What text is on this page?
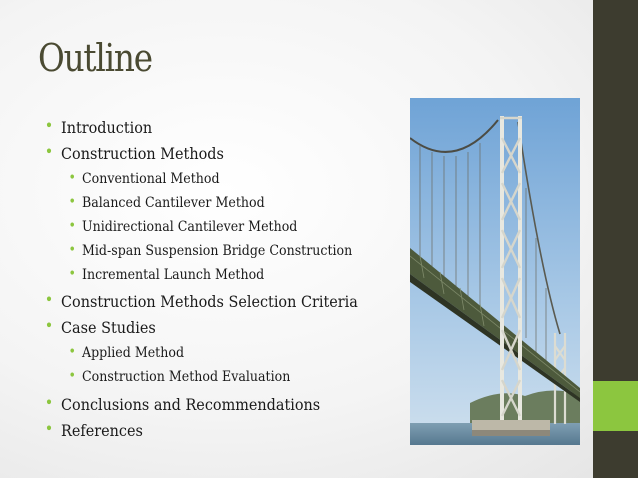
Outline
• Introduction
• Construction Methods
• Conventional Method
• Balanced Cantilever Method
• Unidirectional Cantilever Method
• Mid-span Suspension Bridge Construction
• Incremental Launch Method
• Construction Methods Selection Criteria
• Case Studies
• Applied Method
• Construction Method Evaluation
• Conclusions and Recommendations
• References
